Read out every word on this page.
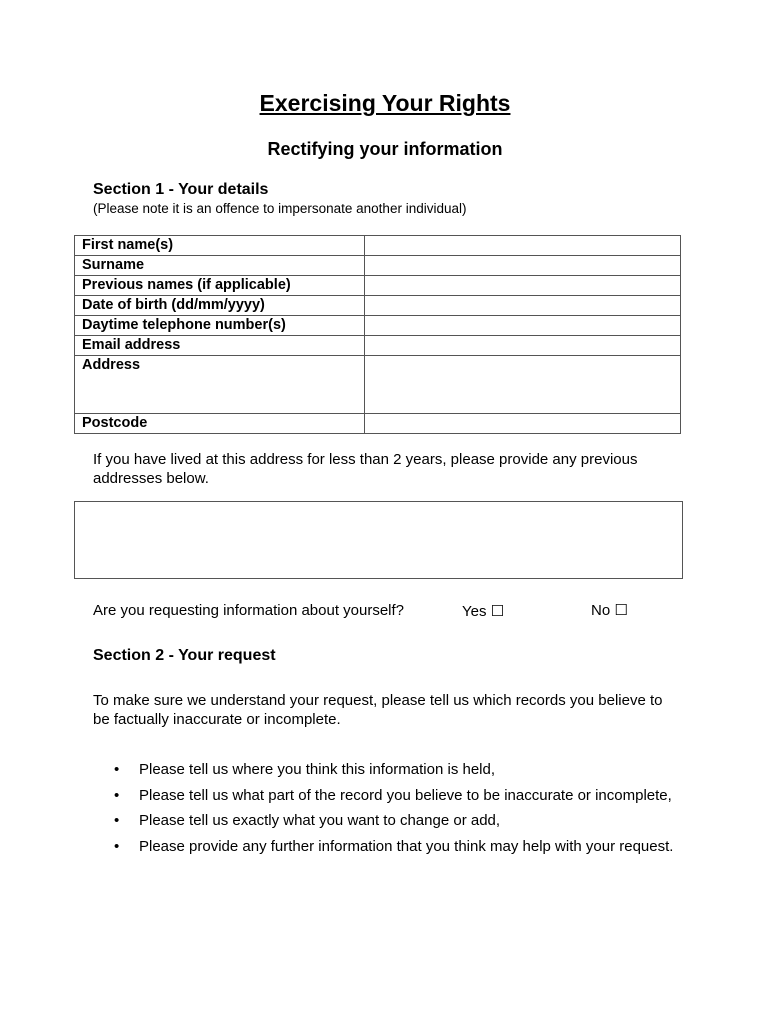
Exercising Your Rights
Rectifying your information
Section 1 - Your details
(Please note it is an offence to impersonate another individual)
First name(s)	
Surname	
Previous names (if applicable)	
Date of birth (dd/mm/yyyy)	
Daytime telephone number(s)	
Email address	
Address	
Postcode	
If you have lived at this address for less than 2 years, please provide any previous addresses below.
Are you requesting information about yourself?	Yes ☐	No ☐
Section 2 - Your request
To make sure we understand your request, please tell us which records you believe to be factually inaccurate or incomplete.
• Please tell us where you think this information is held,
• Please tell us what part of the record you believe to be inaccurate or incomplete,
• Please tell us exactly what you want to change or add,
• Please provide any further information that you think may help with your request.
